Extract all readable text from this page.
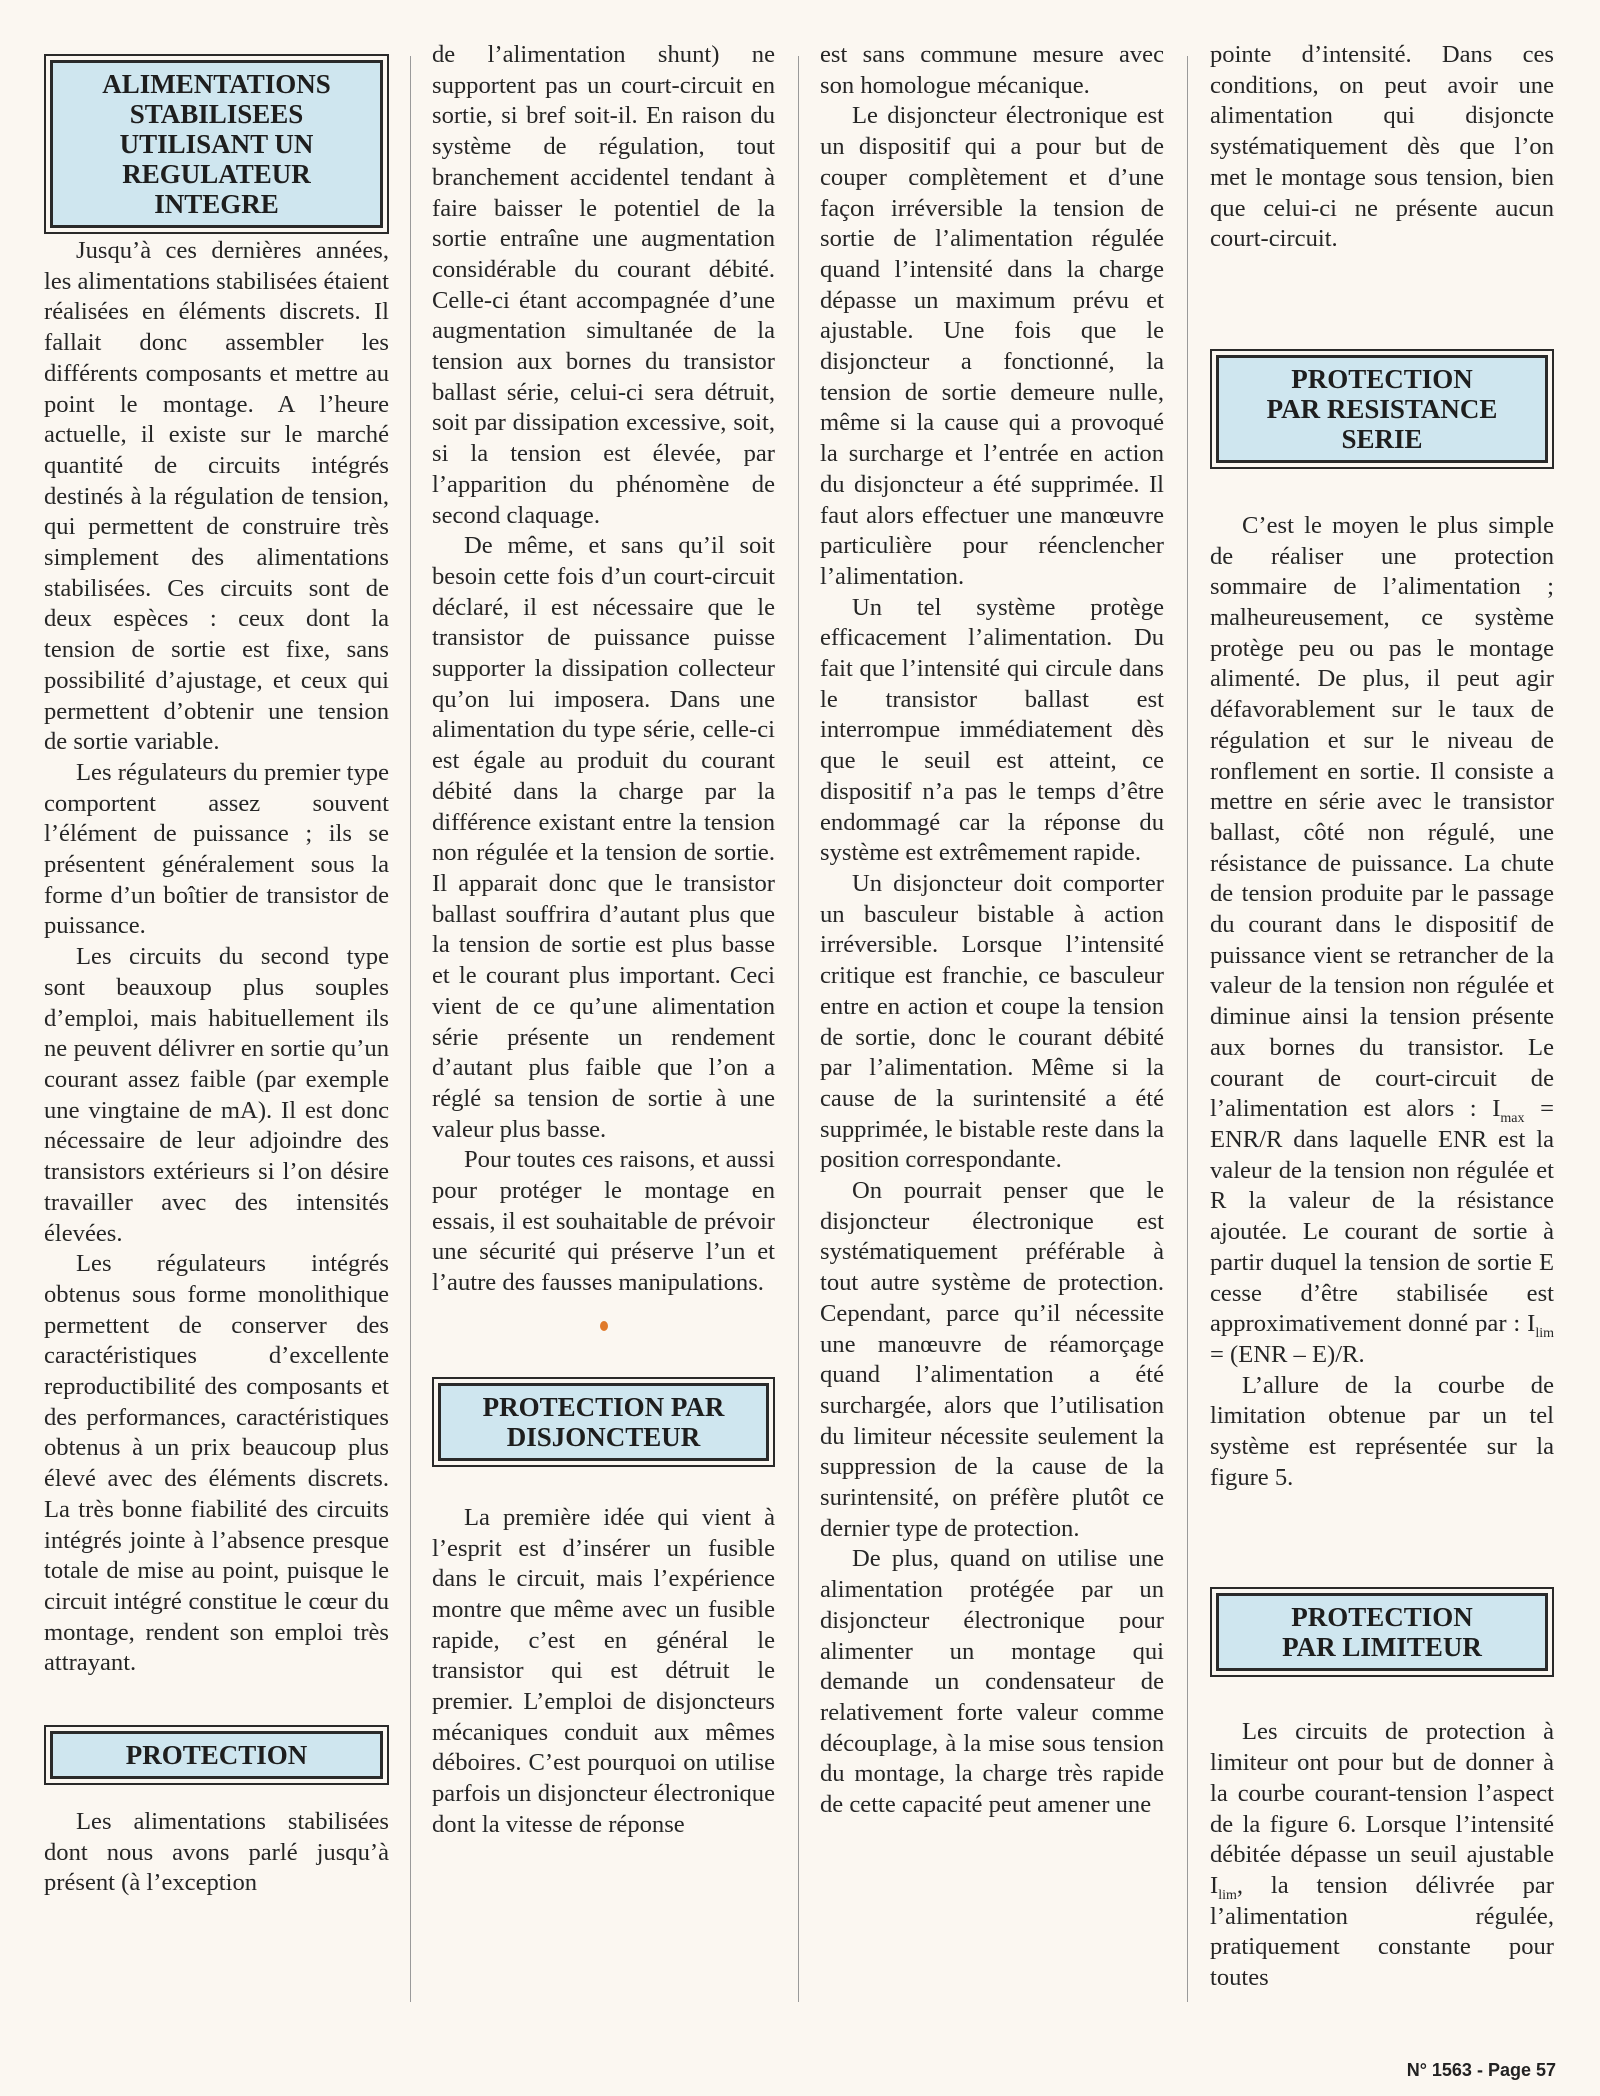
ALIMENTATIONS
STABILISEES
UTILISANT UN
REGULATEUR
INTEGRE

Jusqu’à ces dernières années, les alimentations stabilisées étaient réalisées en éléments discrets. Il fallait donc assembler les différents composants et mettre au point le montage. A l’heure actuelle, il existe sur le marché quantité de circuits intégrés destinés à la régulation de tension, qui permettent de construire très simplement des alimentations stabilisées. Ces circuits sont de deux espèces : ceux dont la tension de sortie est fixe, sans possibilité d’ajustage, et ceux qui permettent d’obtenir une tension de sortie variable.

Les régulateurs du premier type comportent assez souvent l’élément de puissance ; ils se présentent généralement sous la forme d’un boîtier de transistor de puissance.

Les circuits du second type sont beauxoup plus souples d’emploi, mais habituellement ils ne peuvent délivrer en sortie qu’un courant assez faible (par exemple une vingtaine de mA). Il est donc nécessaire de leur adjoindre des transistors extérieurs si l’on désire travailler avec des intensités élevées.

Les régulateurs intégrés obtenus sous forme monolithique permettent de conserver des caractéristiques d’excellente reproductibilité des composants et des performances, caractéristiques obtenus à un prix beaucoup plus élevé avec des éléments discrets. La très bonne fiabilité des circuits intégrés jointe à l’absence presque totale de mise au point, puisque le circuit intégré constitue le cœur du montage, rendent son emploi très attrayant.

PROTECTION

Les alimentations stabilisées dont nous avons parlé jusqu’à présent (à l’exception

de l’alimentation shunt) ne supportent pas un court-circuit en sortie, si bref soit-il. En raison du système de régulation, tout branchement accidentel tendant à faire baisser le potentiel de la sortie entraîne une augmentation considérable du courant débité. Celle-ci étant accompagnée d’une augmentation simultanée de la tension aux bornes du transistor ballast série, celui-ci sera détruit, soit par dissipation excessive, soit, si la tension est élevée, par l’apparition du phénomène de second claquage.

De même, et sans qu’il soit besoin cette fois d’un court-circuit déclaré, il est nécessaire que le transistor de puissance puisse supporter la dissipation collecteur qu’on lui imposera. Dans une alimentation du type série, celle-ci est égale au produit du courant débité dans la charge par la différence existant entre la tension non régulée et la tension de sortie. Il apparait donc que le transistor ballast souffrira d’autant plus que la tension de sortie est plus basse et le courant plus important. Ceci vient de ce qu’une alimentation série présente un rendement d’autant plus faible que l’on a réglé sa tension de sortie à une valeur plus basse.

Pour toutes ces raisons, et aussi pour protéger le montage en essais, il est souhaitable de prévoir une sécurité qui préserve l’un et l’autre des fausses manipulations.

PROTECTION PAR
DISJONCTEUR

La première idée qui vient à l’esprit est d’insérer un fusible dans le circuit, mais l’expérience montre que même avec un fusible rapide, c’est en général le transistor qui est détruit le premier. L’emploi de disjoncteurs mécaniques conduit aux mêmes déboires. C’est pourquoi on utilise parfois un disjoncteur électronique dont la vitesse de réponse

est sans commune mesure avec son homologue mécanique.

Le disjoncteur électronique est un dispositif qui a pour but de couper complètement et d’une façon irréversible la tension de sortie de l’alimentation régulée quand l’intensité dans la charge dépasse un maximum prévu et ajustable. Une fois que le disjoncteur a fonctionné, la tension de sortie demeure nulle, même si la cause qui a provoqué la surcharge et l’entrée en action du disjoncteur a été supprimée. Il faut alors effectuer une manœuvre particulière pour réenclencher l’alimentation.

Un tel système protège efficacement l’alimentation. Du fait que l’intensité qui circule dans le transistor ballast est interrompue immédiatement dès que le seuil est atteint, ce dispositif n’a pas le temps d’être endommagé car la réponse du système est extrêmement rapide.

Un disjoncteur doit comporter un basculeur bistable à action irréversible. Lorsque l’intensité critique est franchie, ce basculeur entre en action et coupe la tension de sortie, donc le courant débité par l’alimentation. Même si la cause de la surintensité a été supprimée, le bistable reste dans la position correspondante.

On pourrait penser que le disjoncteur électronique est systématiquement préférable à tout autre système de protection. Cependant, parce qu’il nécessite une manœuvre de réamorçage quand l’alimentation a été surchargée, alors que l’utilisation du limiteur nécessite seulement la suppression de la cause de la surintensité, on préfère plutôt ce dernier type de protection.

De plus, quand on utilise une alimentation protégée par un disjoncteur électronique pour alimenter un montage qui demande un condensateur de relativement forte valeur comme découplage, à la mise sous tension du montage, la charge très rapide de cette capacité peut amener une

pointe d’intensité. Dans ces conditions, on peut avoir une alimentation qui disjoncte systématiquement dès que l’on met le montage sous tension, bien que celui-ci ne présente aucun court-circuit.

PROTECTION
PAR RESISTANCE
SERIE

C’est le moyen le plus simple de réaliser une protection sommaire de l’alimentation ; malheureusement, ce système protège peu ou pas le montage alimenté. De plus, il peut agir défavorablement sur le taux de régulation et sur le niveau de ronflement en sortie. Il consiste a mettre en série avec le transistor ballast, côté non régulé, une résistance de puissance. La chute de tension produite par le passage du courant dans le dispositif de puissance vient se retrancher de la valeur de la tension non régulée et diminue ainsi la tension présente aux bornes du transistor. Le courant de court-circuit de l’alimentation est alors : $I_{max} = ENR/R$ dans laquelle ENR est la valeur de la tension non régulée et R la valeur de la résistance ajoutée. Le courant de sortie à partir duquel la tension de sortie E cesse d’être stabilisée est approximativement donné par : $I_{lim} = (ENR - E)/R$.

L’allure de la courbe de limitation obtenue par un tel système est représentée sur la figure 5.

PROTECTION
PAR LIMITEUR

Les circuits de protection à limiteur ont pour but de donner à la courbe courant-tension l’aspect de la figure 6. Lorsque l’intensité débitée dépasse un seuil ajustable $I_{lim}$, la tension délivrée par l’alimentation régulée, pratiquement constante pour toutes

N° 1563 - Page 57
